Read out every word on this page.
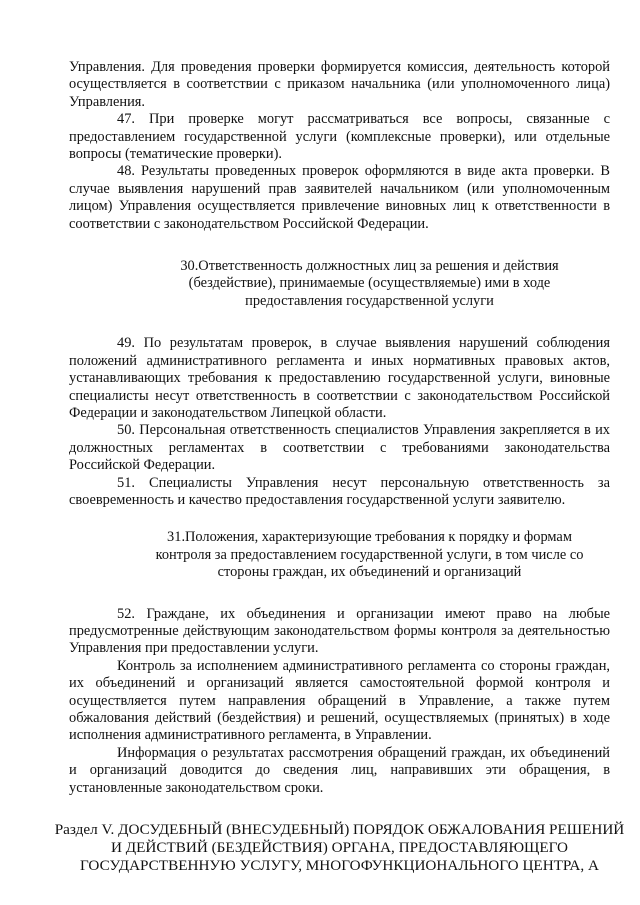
Управления. Для проведения проверки формируется комиссия, деятельность которой осуществляется в соответствии с приказом начальника (или уполномоченного лица) Управления.

47. При проверке могут рассматриваться все вопросы, связанные с предоставлением государственной услуги (комплексные проверки), или отдельные вопросы (тематические проверки).

48. Результаты проведенных проверок оформляются в виде акта проверки. В случае выявления нарушений прав заявителей начальником (или уполномоченным лицом) Управления осуществляется привлечение виновных лиц к ответственности в соответствии с законодательством Российской Федерации.

30.Ответственность должностных лиц за решения и действия (бездействие), принимаемые (осуществляемые) ими в ходе предоставления государственной услуги

49. По результатам проверок, в случае выявления нарушений соблюдения положений административного регламента и иных нормативных правовых актов, устанавливающих требования к предоставлению государственной услуги, виновные специалисты несут ответственность в соответствии с законодательством Российской Федерации и законодательством Липецкой области.

50. Персональная ответственность специалистов Управления закрепляется в их должностных регламентах в соответствии с требованиями законодательства Российской Федерации.

51. Специалисты Управления несут персональную ответственность за своевременность и качество предоставления государственной услуги заявителю.

31.Положения, характеризующие требования к порядку и формам контроля за предоставлением государственной услуги, в том числе со стороны граждан, их объединений и организаций

52. Граждане, их объединения и организации имеют право на любые предусмотренные действующим законодательством формы контроля за деятельностью Управления при предоставлении услуги.

Контроль за исполнением административного регламента со стороны граждан, их объединений и организаций является самостоятельной формой контроля и осуществляется путем направления обращений в Управление, а также путем обжалования действий (бездействия) и решений, осуществляемых (принятых) в ходе исполнения административного регламента, в Управлении.

Информация о результатах рассмотрения обращений граждан, их объединений и организаций доводится до сведения лиц, направивших эти обращения, в установленные законодательством сроки.

Раздел V. ДОСУДЕБНЫЙ (ВНЕСУДЕБНЫЙ) ПОРЯДОК ОБЖАЛОВАНИЯ РЕШЕНИЙ И ДЕЙСТВИЙ (БЕЗДЕЙСТВИЯ) ОРГАНА, ПРЕДОСТАВЛЯЮЩЕГО ГОСУДАРСТВЕННУЮ УСЛУГУ, МНОГОФУНКЦИОНАЛЬНОГО ЦЕНТРА, А
